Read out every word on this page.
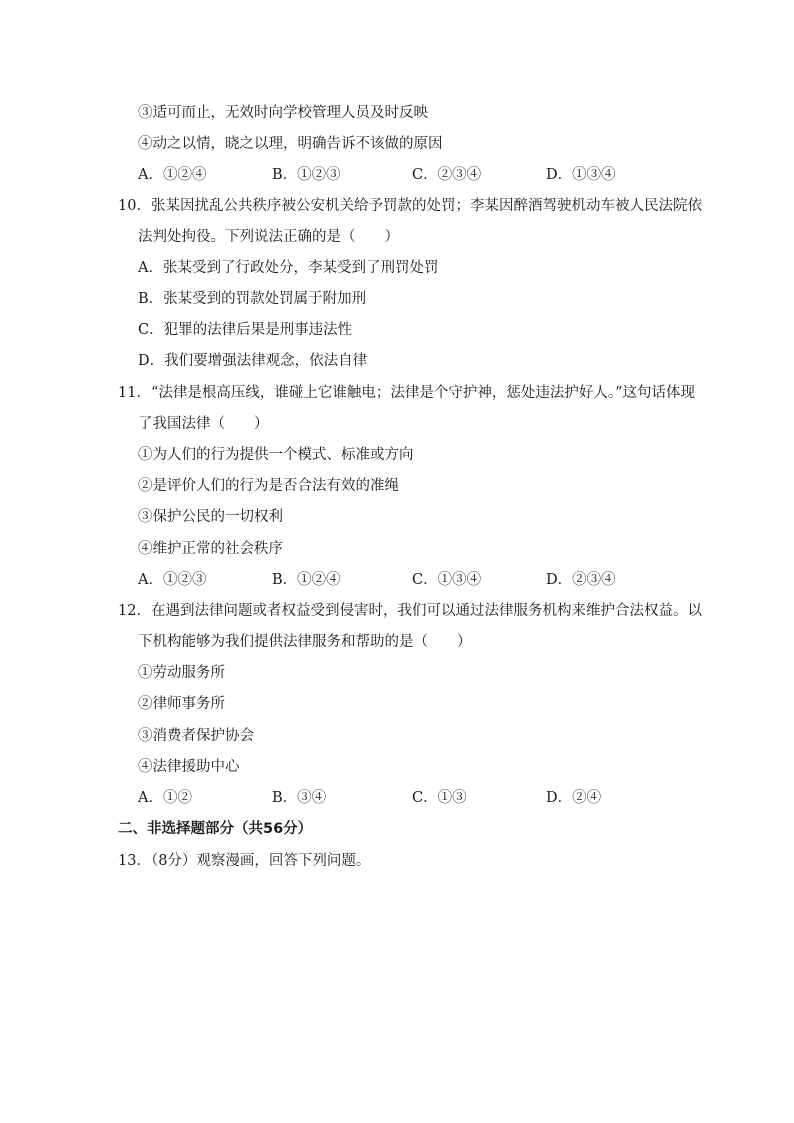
③适可而止，无效时向学校管理人员及时反映
④动之以情，晓之以理，明确告诉不该做的原因
A．①②④	B．①②③	C．②③④	D．①③④
10．张某因扰乱公共秩序被公安机关给予罚款的处罚；李某因醉酒驾驶机动车被人民法院依
法判处拘役。下列说法正确的是（　　）
A．张某受到了行政处分，李某受到了刑罚处罚
B．张某受到的罚款处罚属于附加刑
C．犯罪的法律后果是刑事违法性
D．我们要增强法律观念，依法自律
11．“法律是根高压线，谁碰上它谁触电；法律是个守护神，惩处违法护好人。”这句话体现
了我国法律（　　）
①为人们的行为提供一个模式、标准或方向
②是评价人们的行为是否合法有效的准绳
③保护公民的一切权利
④维护正常的社会秩序
A．①②③	B．①②④	C．①③④	D．②③④
12．在遇到法律问题或者权益受到侵害时，我们可以通过法律服务机构来维护合法权益。以
下机构能够为我们提供法律服务和帮助的是（　　）
①劳动服务所
②律师事务所
③消费者保护协会
④法律援助中心
A．①②	B．③④	C．①③	D．②④
二、非选择题部分（共56分）
13．（8分）观察漫画，回答下列问题。
